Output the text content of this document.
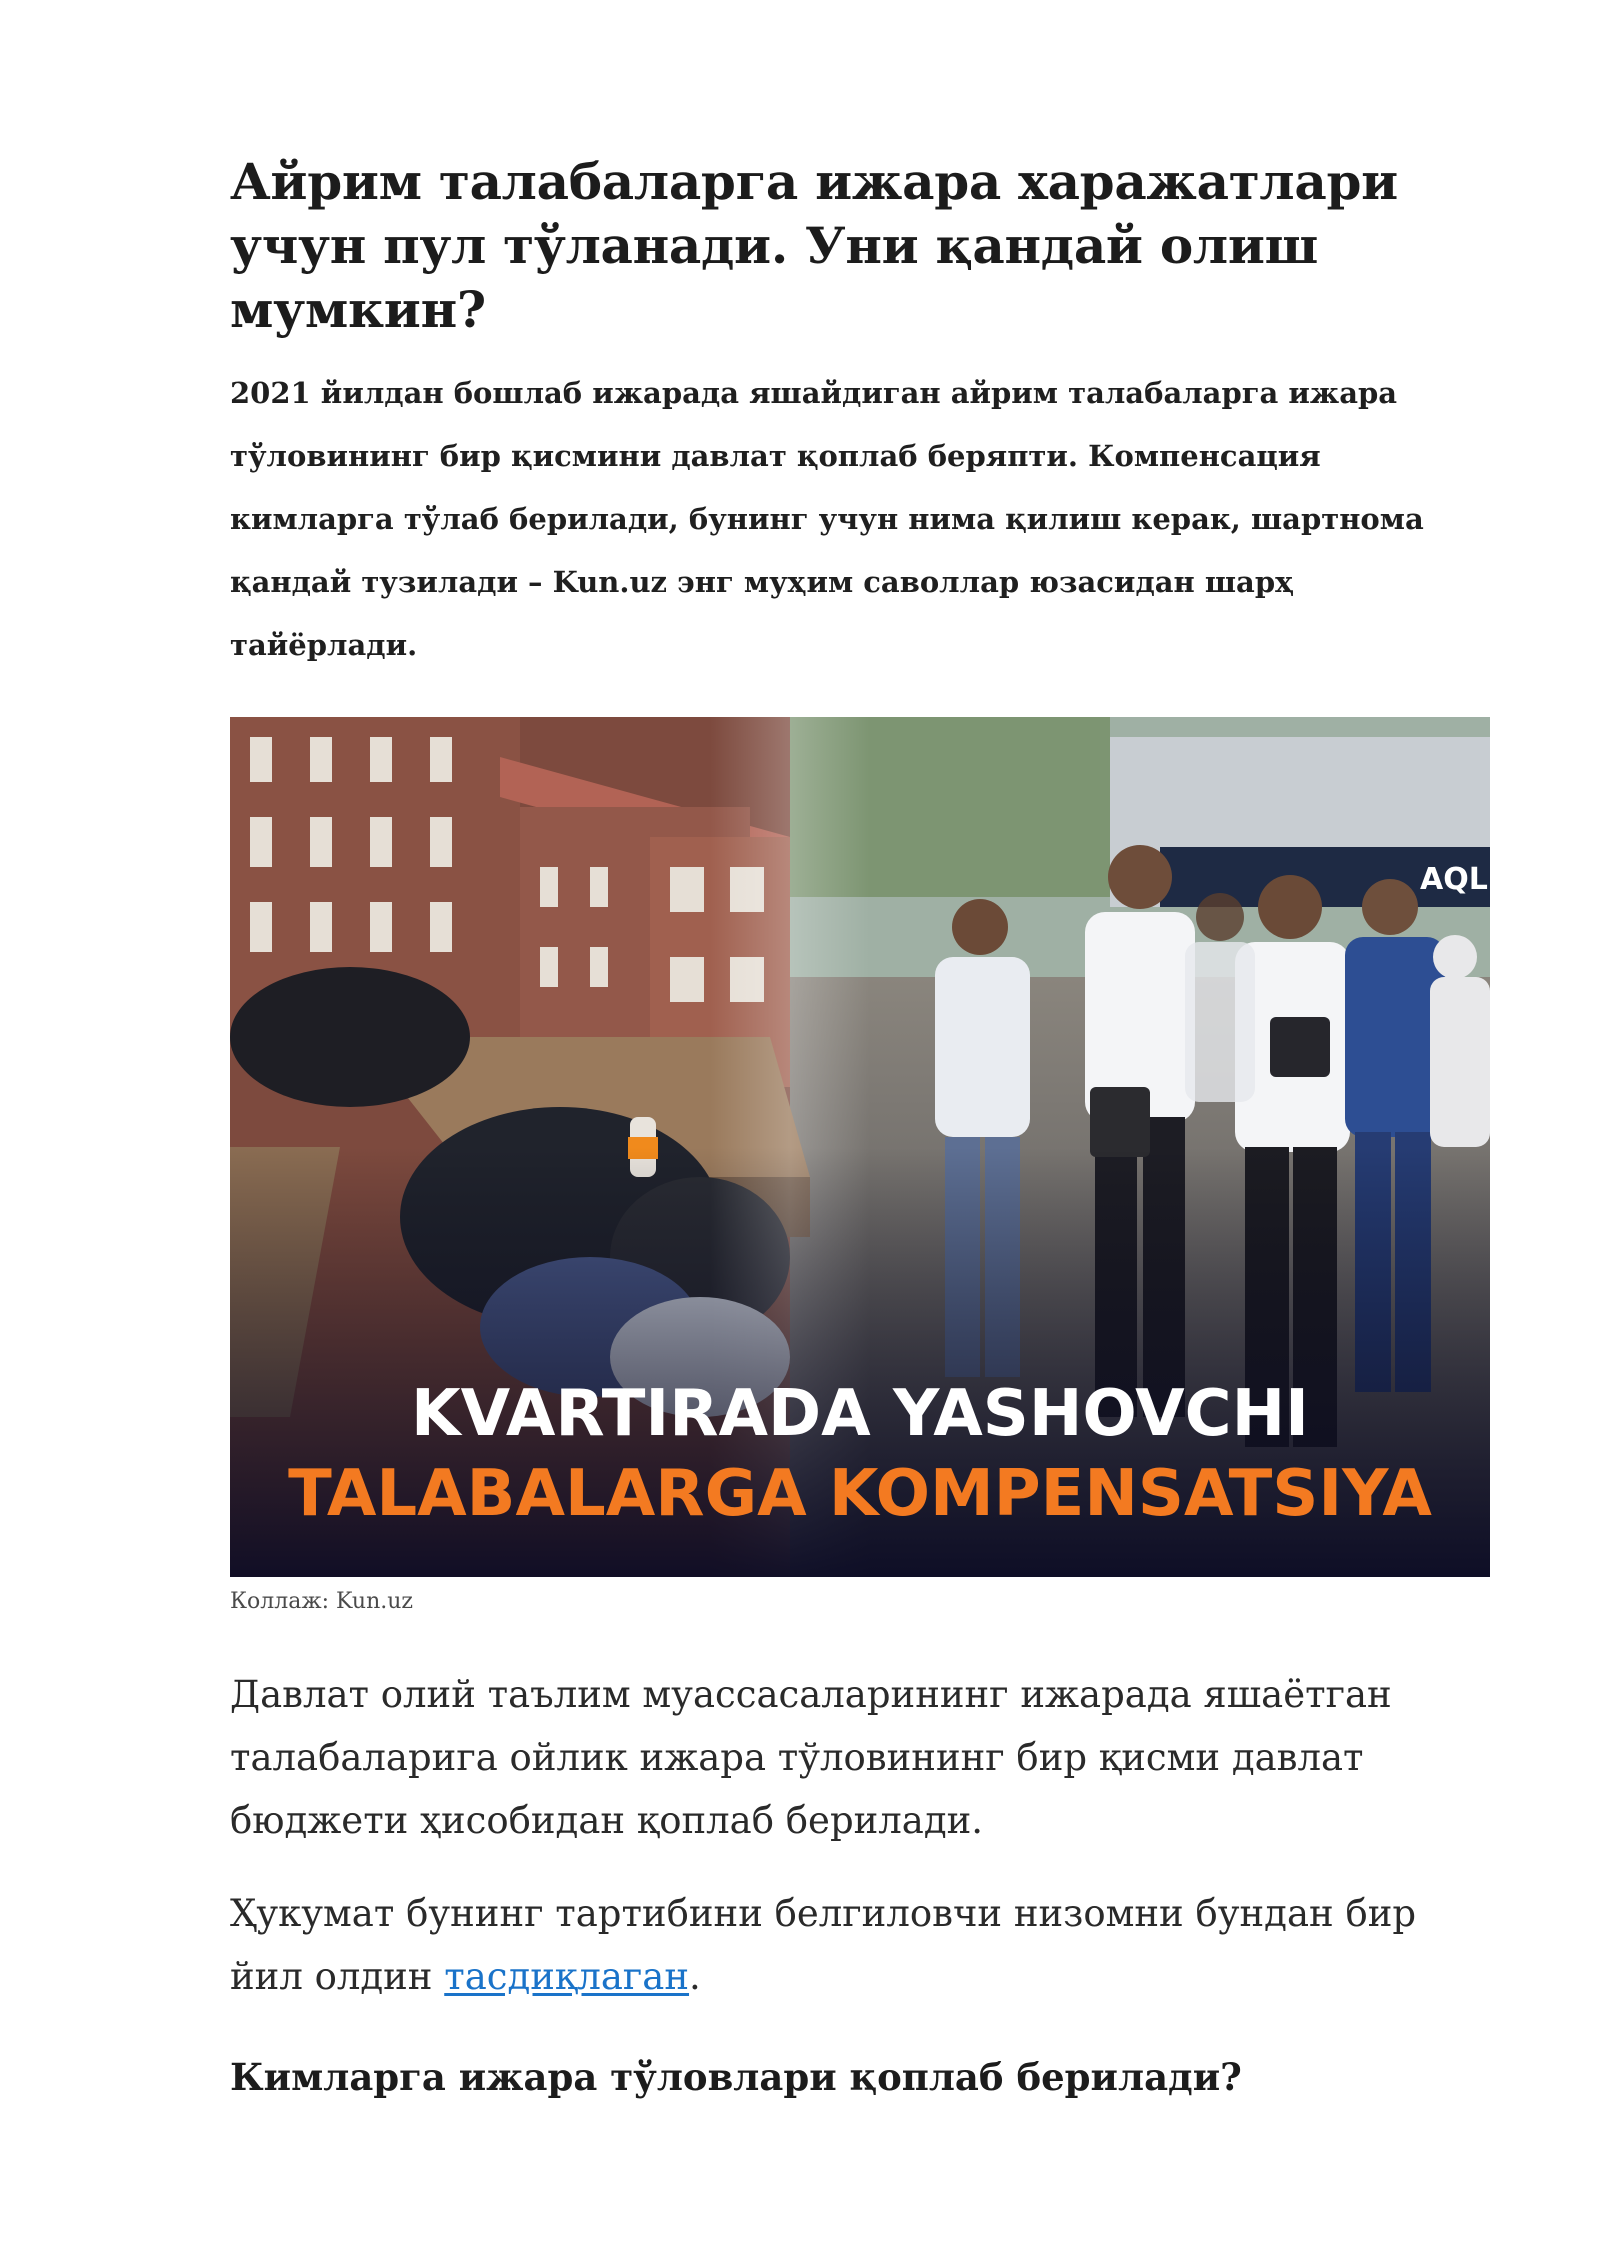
Айрим талабаларга ижара харажатлари учун пул тўланади. Уни қандай олиш мумкин?

2021 йилдан бошлаб ижарада яшайдиган айрим талабаларга ижара тўловининг бир қисмини давлат қоплаб беряпти. Компенсация кимларга тўлаб берилади, бунинг учун нима қилиш керак, шартнома қандай тузилади – Kun.uz энг муҳим саволлар юзасидан шарҳ тайёрлади.

AQLI
KVARTIRADA YASHOVCHI
TALABALARGA KOMPENSATSIYA
Коллаж: Kun.uz

Давлат олий таълим муассасаларининг ижарада яшаётган талабаларига ойлик ижара тўловининг бир қисми давлат бюджети ҳисобидан қоплаб берилади.

Ҳукумат бунинг тартибини белгиловчи низомни бундан бир йил олдин тасдиқлаган.

Кимларга ижара тўловлари қоплаб берилади?
